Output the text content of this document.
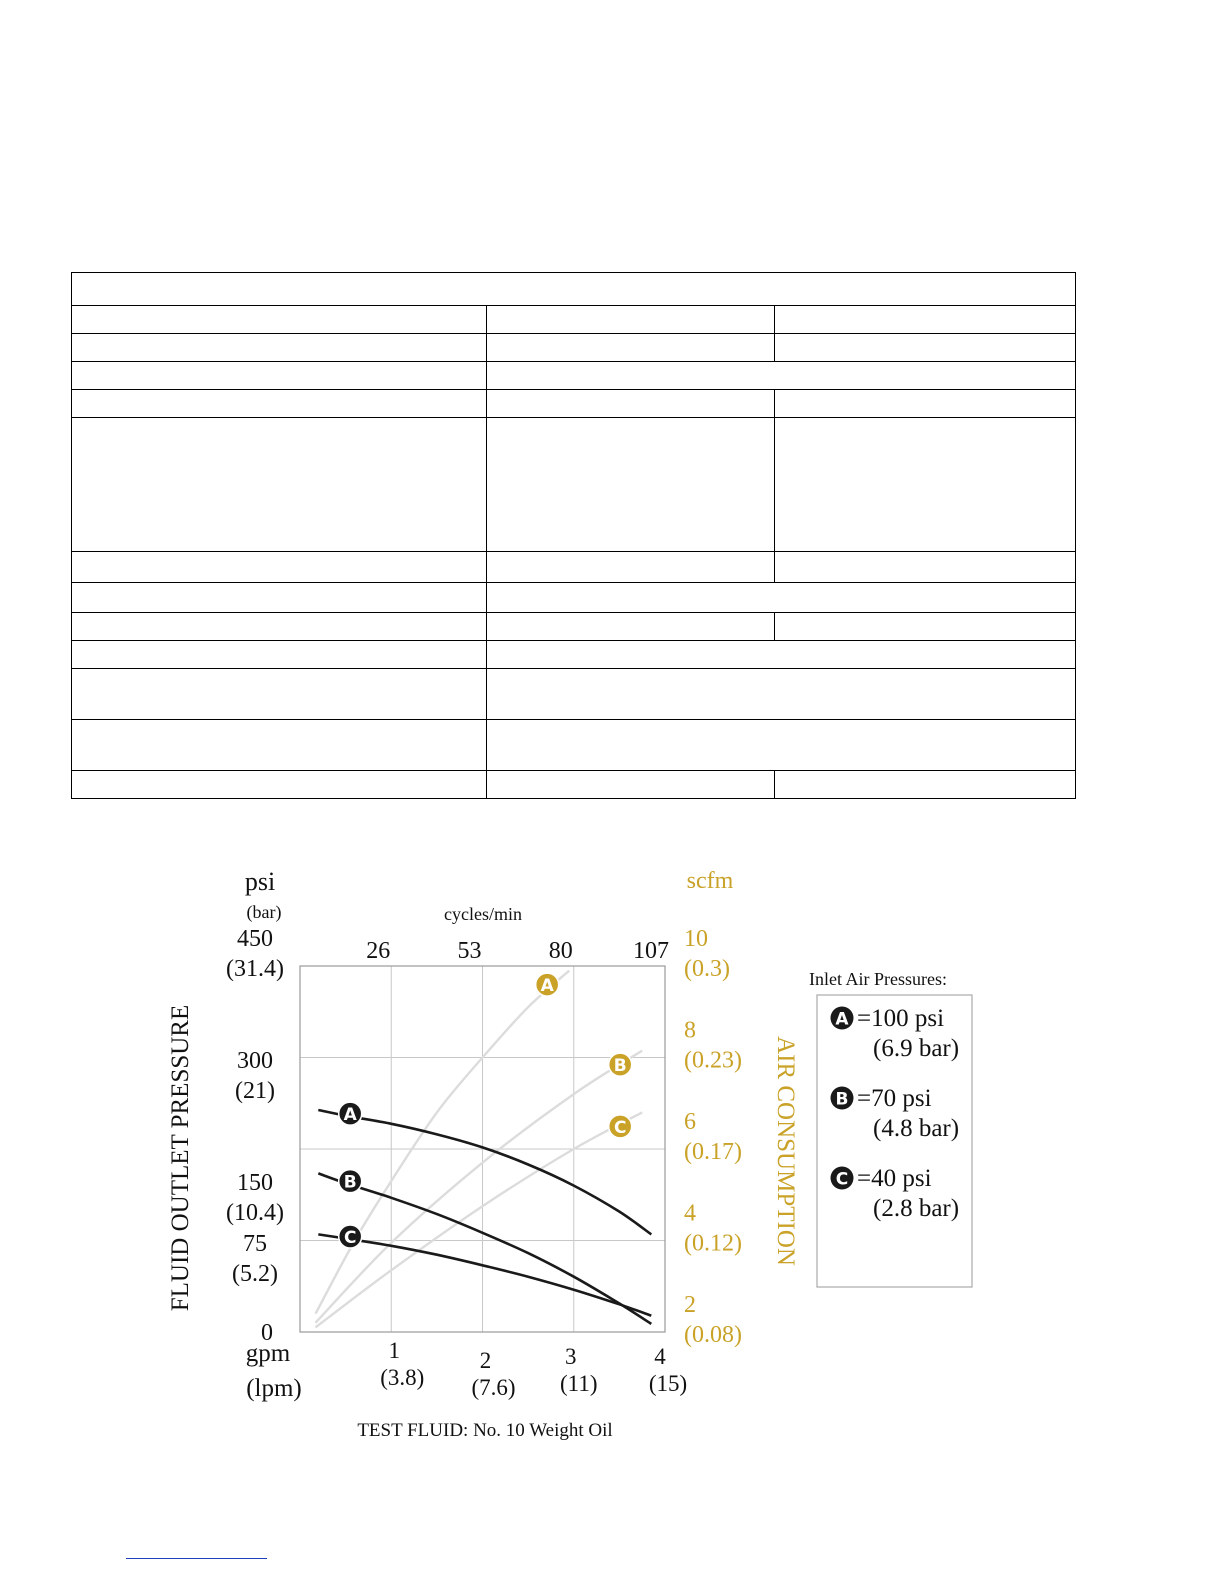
A
B
C
A
B
C
0
75
(5.2)
150
(10.4)
300
(21)
450
(31.4)
2
(0.08)
4
(0.12)
6
(0.17)
8
(0.23)
10
(0.3)
1
(3.8)
2
(7.6)
3
(11)
4
(15)
26	53	80	107
psi
(bar)
scfm
cycles/min
FLUID OUTLET PRESSURE	AIR CONSUMPTION
gpm
(lpm)
TEST FLUID: No. 10 Weight Oil
Inlet Air Pressures:
A =100 psi
(6.9 bar)
B =70 psi
(4.8 bar)
C =40 psi
(2.8 bar)
